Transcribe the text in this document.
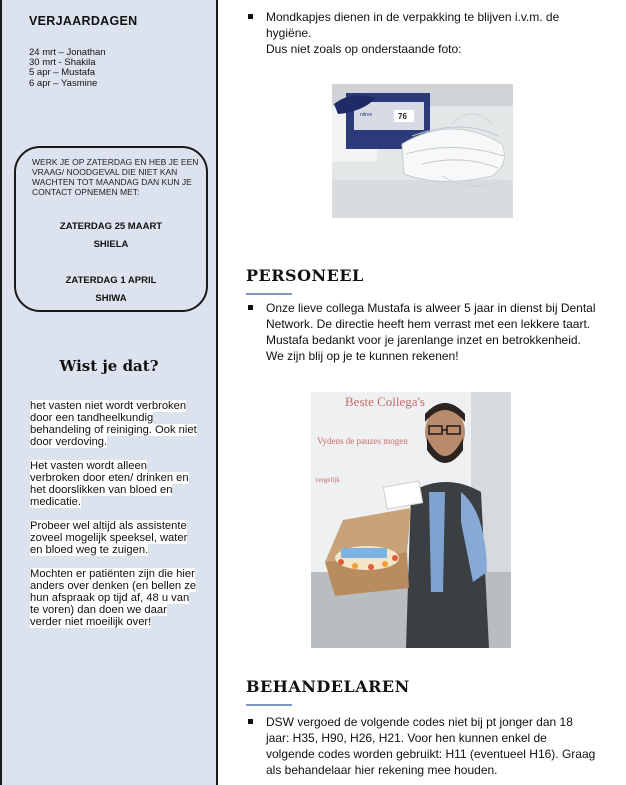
VERJAARDAGEN
24 mrt – Jonathan
30 mrt - Shakila
5 apr – Mustafa
6 apr – Yasmine
WERK JE OP ZATERDAG EN HEB JE EEN VRAAG/ NOODGEVAL DIE NIET KAN WACHTEN TOT MAANDAG DAN KUN JE CONTACT OPNEMEN MET:
ZATERDAG 25 MAART
SHIELA
ZATERDAG 1 APRIL
SHIWA
Wist je dat?

het vasten niet wordt verbroken door een tandheelkundig behandeling of reiniging. Ook niet door verdoving.

Het vasten wordt alleen verbroken door eten/ drinken en het doorslikken van bloed en medicatie.

Probeer wel altijd als assistente zoveel mogelijk speeksel, water en bloed weg te zuigen.

Mochten er patiënten zijn die hier anders over denken (en bellen ze hun afspraak op tijd af, 48 u van te voren) dan doen we daar verder niet moeilijk over!

Mondkapjes dienen in de verpakking te blijven i.v.m. de hygiëne.
Dus niet zoals op onderstaande foto:
76
nitrex
PERSONEEL
Onze lieve collega Mustafa is alweer 5 jaar in dienst bij Dental Network. De directie heeft hem verrast met een lekkere taart. Mustafa bedankt voor je jarenlange inzet en betrokkenheid. We zijn blij op je te kunnen rekenen!
Beste Collega's
Vydens de pauzes mogen
vergelijk
BEHANDELAREN
DSW vergoed de volgende codes niet bij pt jonger dan 18 jaar: H35, H90, H26, H21. Voor hen kunnen enkel de volgende codes worden gebruikt: H11 (eventueel H16). Graag als behandelaar hier rekening mee houden.
